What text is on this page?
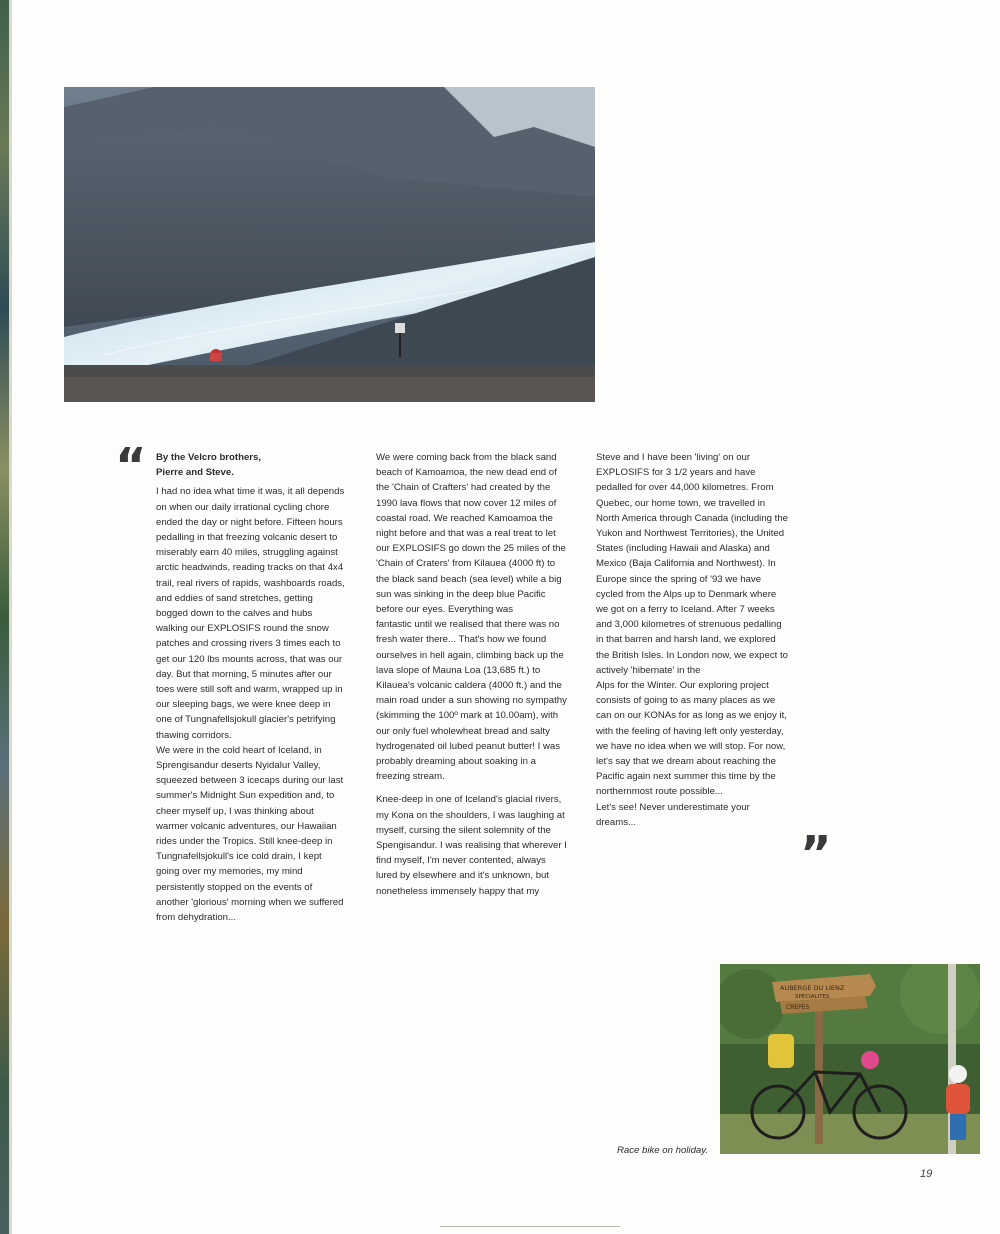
“ By the Velcro brothers,
Pierre and Steve.

I had no idea what time it was, it all depends on when our daily irrational cycling chore ended the day or night before. Fifteen hours pedalling in that freezing volcanic desert to miserably earn 40 miles, struggling against arctic headwinds, reading tracks on that 4x4 trail, real rivers of rapids, washboards roads, and eddies of sand stretches, getting bogged down to the calves and hubs walking our EXPLOSIFS round the snow patches and crossing rivers 3 times each to get our 120 lbs mounts across, that was our day. But that morning, 5 minutes after our toes were still soft and warm, wrapped up in our sleeping bags, we were knee deep in one of Tungnafellsjokull glacier's petrifying thawing corridors.
We were in the cold heart of Iceland, in Sprengisandur deserts Nyidalur Valley, squeezed between 3 icecaps during our last summer's Midnight Sun expedition and, to cheer myself up, I was thinking about warmer volcanic adventures, our Hawaiian rides under the Tropics. Still knee-deep in Tungnafellsjokull's ice cold drain, I kept going over my memories, my mind persistently stopped on the events of another 'glorious' morning when we suffered from dehydration...

We were coming back from the black sand beach of Kamoamoa, the new dead end of the 'Chain of Crafters' had created by the 1990 lava flows that now cover 12 miles of coastal road. We reached Kamoamoa the night before and that was a real treat to let our EXPLOSIFS go down the 25 miles of the 'Chain of Craters' from Kilauea (4000 ft) to the black sand beach (sea level) while a big sun was sinking in the deep blue Pacific before our eyes. Everything was
fantastic until we realised that there was no fresh water there... That's how we found ourselves in hell again, climbing back up the lava slope of Mauna Loa (13,685 ft.) to Kilauea's volcanic caldera (4000 ft.) and the main road under a sun showing no sympathy (skimming the 100º mark at 10.00am), with our only fuel wholewheat bread and salty hydrogenated oil lubed peanut butter! I was probably dreaming about soaking in a freezing stream.

Knee-deep in one of Iceland's glacial rivers, my Kona on the shoulders, I was laughing at myself, cursing the silent solemnity of the Spengisandur. I was realising that wherever I find myself, I'm never contented, always lured by elsewhere and it's unknown, but nonetheless immensely happy that my

Steve and I have been 'living' on our EXPLOSIFS for 3 1/2 years and have pedalled for over 44,000 kilometres. From Quebec, our home town, we travelled in North America through Canada (including the Yukon and Northwest Territories), the United States (including Hawaii and Alaska) and Mexico (Baja California and Northwest). In Europe since the spring of '93 we have cycled from the Alps up to Denmark where we got on a ferry to Iceland. After 7 weeks and 3,000 kilometres of strenuous pedalling in that barren and harsh land, we explored the British Isles. In London now, we expect to actively 'hibernate' in the
Alps for the Winter. Our exploring project consists of going to as many places as we can on our KONAs for as long as we enjoy it, with the feeling of having left only yesterday, we have no idea when we will stop. For now, let's say that we dream about reaching the Pacific again next summer this time by the northernmost route possible...
Let's see! Never underestimate your dreams...

”
AUBERGE DU LIENZ
SPECIALITES
CREPES
Race bike on holiday.
19
